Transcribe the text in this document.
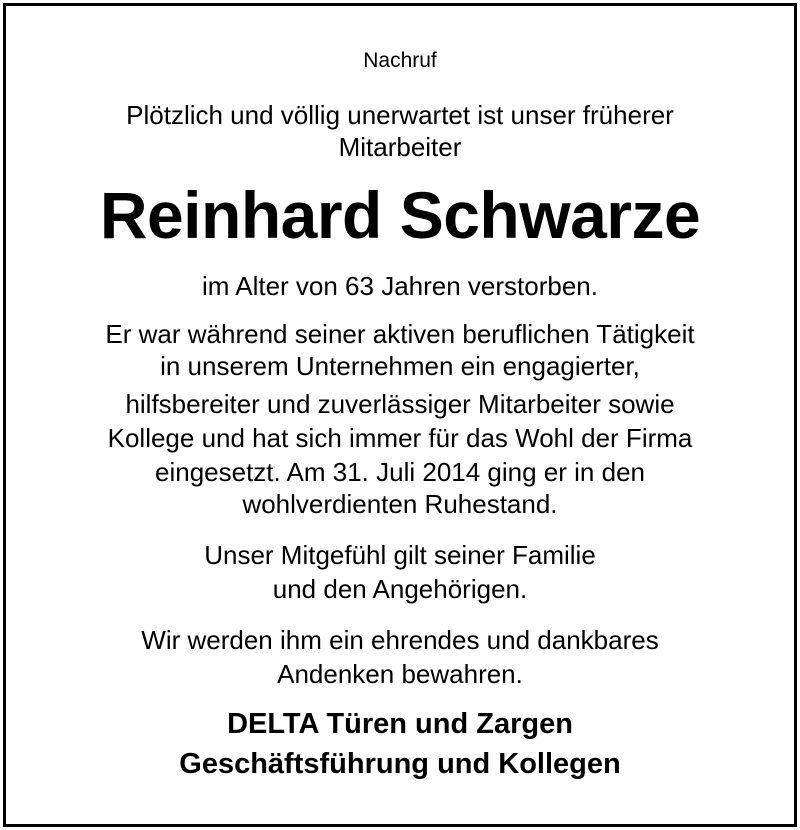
Nachruf
Plötzlich und völlig unerwartet ist unser früherer
Mitarbeiter
Reinhard Schwarze
im Alter von 63 Jahren verstorben.
Er war während seiner aktiven beruflichen Tätigkeit
in unserem Unternehmen ein engagierter,
hilfsbereiter und zuverlässiger Mitarbeiter sowie
Kollege und hat sich immer für das Wohl der Firma
eingesetzt. Am 31. Juli 2014 ging er in den
wohlverdienten Ruhestand.
Unser Mitgefühl gilt seiner Familie
und den Angehörigen.
Wir werden ihm ein ehrendes und dankbares
Andenken bewahren.
DELTA Türen und Zargen
Geschäftsführung und Kollegen
